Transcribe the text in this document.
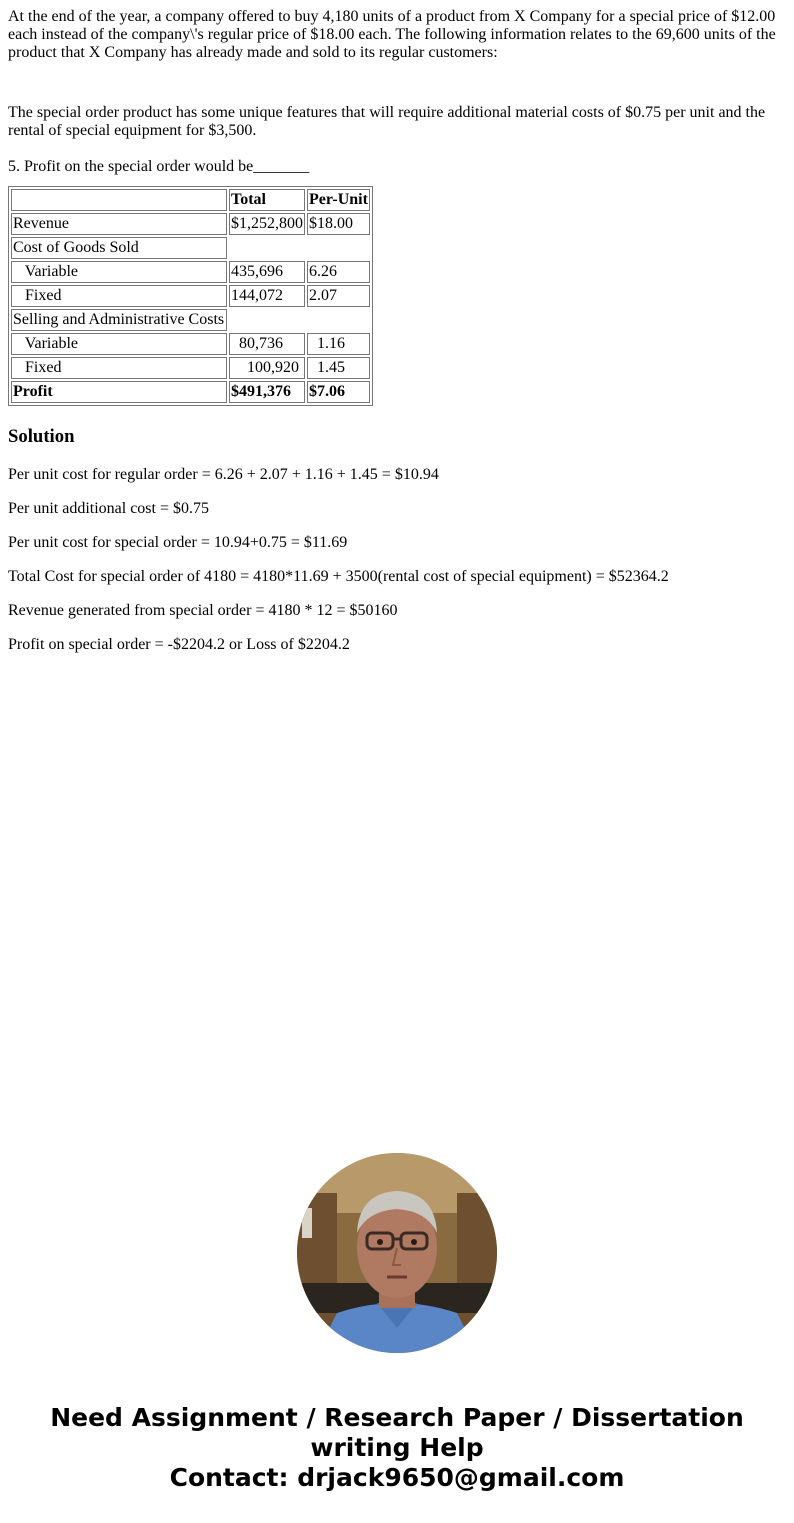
At the end of the year, a company offered to buy 4,180 units of a product from X Company for a special price of $12.00 each instead of the company\'s regular price of $18.00 each. The following information relates to the 69,600 units of the product that X Company has already made and sold to its regular customers:

The special order product has some unique features that will require additional material costs of $0.75 per unit and the rental of special equipment for $3,500.

5. Profit on the special order would be_______

	Total	Per-Unit
Revenue	$1,252,800	$18.00
Cost of Goods Sold		
Variable	435,696	6.26
Fixed	144,072	2.07
Selling and Administrative Costs		
Variable	80,736	1.16
Fixed	100,920	1.45
Profit	$491,376	$7.06
Solution

Per unit cost for regular order = 6.26 + 2.07 + 1.16 + 1.45 = $10.94

Per unit additional cost = $0.75

Per unit cost for special order = 10.94+0.75 = $11.69

Total Cost for special order of 4180 = 4180*11.69 + 3500(rental cost of special equipment) = $52364.2

Revenue generated from special order = 4180 * 12 = $50160

Profit on special order = -$2204.2 or Loss of $2204.2

Need Assignment / Research Paper / Dissertation
writing Help
Contact: drjack9650@gmail.com
